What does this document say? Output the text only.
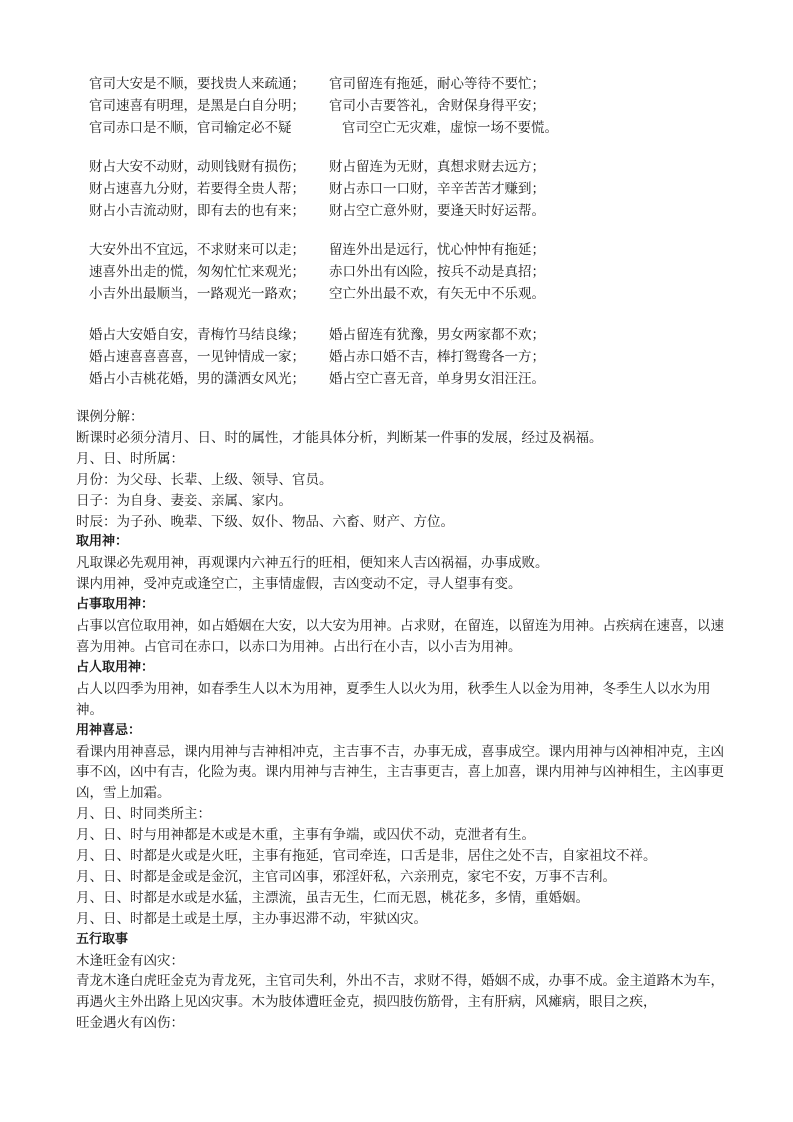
官司大安是不顺，要找贵人来疏通； 官司留连有拖延，耐心等待不要忙；
官司速喜有明理，是黑是白自分明； 官司小吉要答礼，舍财保身得平安；
官司赤口是不顺，官司输定必不疑	官司空亡无灾难，虚惊一场不要慌。
财占大安不动财，动则钱财有损伤； 财占留连为无财，真想求财去远方；
财占速喜九分财，若要得全贵人帮； 财占赤口一口财，辛辛苦苦才赚到；
财占小吉流动财，即有去的也有来； 财占空亡意外财，要逢天时好运帮。
大安外出不宜远，不求财来可以走； 留连外出是远行，忧心忡忡有拖延；
速喜外出走的慌，匆匆忙忙来观光； 赤口外出有凶险，按兵不动是真招；
小吉外出最顺当，一路观光一路欢； 空亡外出最不欢，有矢无中不乐观。
婚占大安婚自安，青梅竹马结良缘； 婚占留连有犹豫，男女两家都不欢；
婚占速喜喜喜喜，一见钟情成一家； 婚占赤口婚不吉，棒打鸳鸯各一方；
婚占小吉桃花婚，男的潇洒女风光； 婚占空亡喜无音，单身男女泪汪汪。

课例分解：

断课时必须分清月、日、时的属性，才能具体分析，判断某一件事的发展，经过及祸福。

月、日、时所属：

月份：为父母、长辈、上级、领导、官员。

日子：为自身、妻妾、亲属、家内。

时辰：为子孙、晚辈、下级、奴仆、物品、六畜、财产、方位。

取用神：

凡取课必先观用神，再观课内六神五行的旺相，便知来人吉凶祸福，办事成败。

课内用神，受冲克或逢空亡，主事情虚假，吉凶变动不定，寻人望事有变。

占事取用神：

占事以宫位取用神，如占婚姻在大安，以大安为用神。占求财，在留连，以留连为用神。占疾病在速喜，以速喜为用神。占官司在赤口，以赤口为用神。占出行在小吉，以小吉为用神。

占人取用神：

占人以四季为用神，如春季生人以木为用神，夏季生人以火为用，秋季生人以金为用神，冬季生人以水为用神。

用神喜忌：

看课内用神喜忌，课内用神与吉神相冲克，主吉事不吉，办事无成，喜事成空。课内用神与凶神相冲克，主凶事不凶，凶中有吉，化险为夷。课内用神与吉神生，主吉事更吉，喜上加喜，课内用神与凶神相生，主凶事更凶，雪上加霜。

月、日、时同类所主：

月、日、时与用神都是木或是木重，主事有争端，或囚伏不动，克泄者有生。

月、日、时都是火或是火旺，主事有拖延，官司牵连，口舌是非，居住之处不吉，自家祖坟不祥。

月、日、时都是金或是金沉，主官司凶事，邪淫奸私，六亲刑克，家宅不安，万事不吉利。

月、日、时都是水或是水猛，主漂流，虽吉无生，仁而无恩，桃花多，多情，重婚姻。

月、日、时都是土或是土厚，主办事迟滞不动，牢狱凶灾。

五行取事

木逢旺金有凶灾：

青龙木逢白虎旺金克为青龙死，主官司失利，外出不吉，求财不得，婚姻不成，办事不成。金主道路木为车，再遇火主外出路上见凶灾事。木为肢体遭旺金克，损四肢伤筋骨，主有肝病，风瘫病，眼目之疾，

旺金遇火有凶伤：
